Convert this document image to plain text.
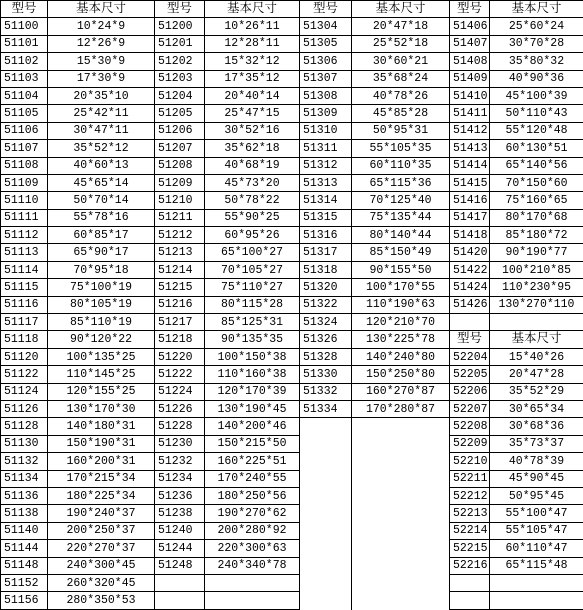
型号	基本尺寸	型号	基本尺寸	型号	基本尺寸	型号	基本尺寸
51100	10*24*9	51200	10*26*11	51304	20*47*18	51406	25*60*24
51101	12*26*9	51201	12*28*11	51305	25*52*18	51407	30*70*28
51102	15*30*9	51202	15*32*12	51306	30*60*21	51408	35*80*32
51103	17*30*9	51203	17*35*12	51307	35*68*24	51409	40*90*36
51104	20*35*10	51204	20*40*14	51308	40*78*26	51410	45*100*39
51105	25*42*11	51205	25*47*15	51309	45*85*28	51411	50*110*43
51106	30*47*11	51206	30*52*16	51310	50*95*31	51412	55*120*48
51107	35*52*12	51207	35*62*18	51311	55*105*35	51413	60*130*51
51108	40*60*13	51208	40*68*19	51312	60*110*35	51414	65*140*56
51109	45*65*14	51209	45*73*20	51313	65*115*36	51415	70*150*60
51110	50*70*14	51210	50*78*22	51314	70*125*40	51416	75*160*65
51111	55*78*16	51211	55*90*25	51315	75*135*44	51417	80*170*68
51112	60*85*17	51212	60*95*26	51316	80*140*44	51418	85*180*72
51113	65*90*17	51213	65*100*27	51317	85*150*49	51420	90*190*77
51114	70*95*18	51214	70*105*27	51318	90*155*50	51422	100*210*85
51115	75*100*19	51215	75*110*27	51320	100*170*55	51424	110*230*95
51116	80*105*19	51216	80*115*28	51322	110*190*63	51426	130*270*110
51117	85*110*19	51217	85*125*31	51324	120*210*70		
51118	90*120*22	51218	90*135*35	51326	130*225*78	型号	基本尺寸
51120	100*135*25	51220	100*150*38	51328	140*240*80	52204	15*40*26
51122	110*145*25	51222	110*160*38	51330	150*250*80	52205	20*47*28
51124	120*155*25	51224	120*170*39	51332	160*270*87	52206	35*52*29
51126	130*170*30	51226	130*190*45	51334	170*280*87	52207	30*65*34
51128	140*180*31	51228	140*200*46			52208	30*68*36
51130	150*190*31	51230	150*215*50			52209	35*73*37
51132	160*200*31	51232	160*225*51			52210	40*78*39
51134	170*215*34	51234	170*240*55			52211	45*90*45
51136	180*225*34	51236	180*250*56			52212	50*95*45
51138	190*240*37	51238	190*270*62			52213	55*100*47
51140	200*250*37	51240	200*280*92			52214	55*105*47
51144	220*270*37	51244	220*300*63			52215	60*110*47
51148	240*300*45	51248	240*340*78			52216	65*115*48
51152	260*320*45						
51156	280*350*53						
